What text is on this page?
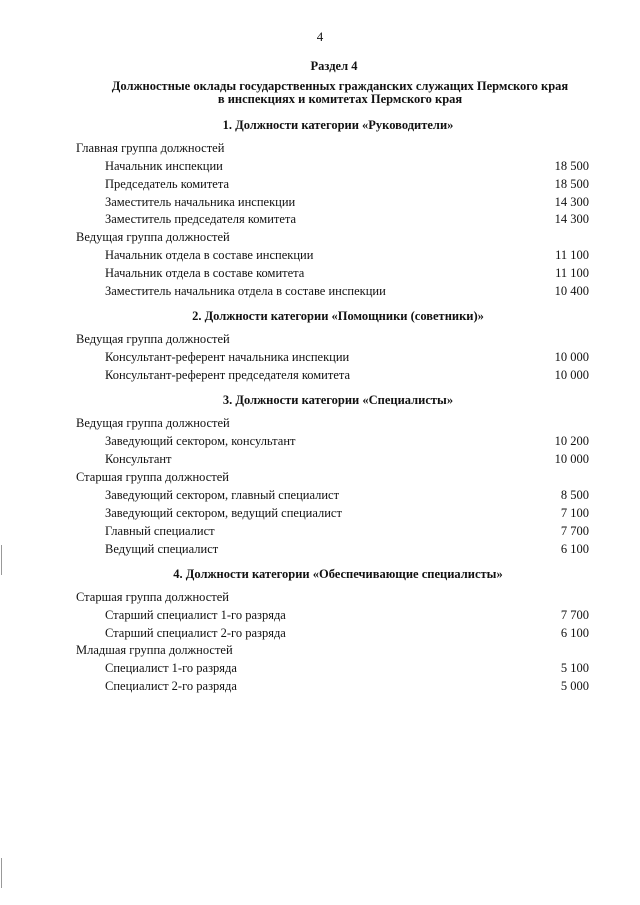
4
Раздел 4
Должностные оклады государственных гражданских служащих Пермского края
в инспекциях и комитетах Пермского края
1. Должности категории «Руководители»
Главная группа должностей
Начальник инспекции	18 500
Председатель комитета	18 500
Заместитель начальника инспекции	14 300
Заместитель председателя комитета	14 300
Ведущая группа должностей
Начальник отдела в составе инспекции	11 100
Начальник отдела в составе комитета	11 100
Заместитель начальника отдела в составе инспекции	10 400
2. Должности категории «Помощники (советники)»
Ведущая группа должностей
Консультант-референт начальника инспекции	10 000
Консультант-референт председателя комитета	10 000
3. Должности категории «Специалисты»
Ведущая группа должностей
Заведующий сектором, консультант	10 200
Консультант	10 000
Старшая группа должностей
Заведующий сектором, главный специалист	8 500
Заведующий сектором, ведущий специалист	7 100
Главный специалист	7 700
Ведущий специалист	6 100
4. Должности категории «Обеспечивающие специалисты»
Старшая группа должностей
Старший специалист 1-го разряда	7 700
Старший специалист 2-го разряда	6 100
Младшая группа должностей
Специалист 1-го разряда	5 100
Специалист 2-го разряда	5 000
